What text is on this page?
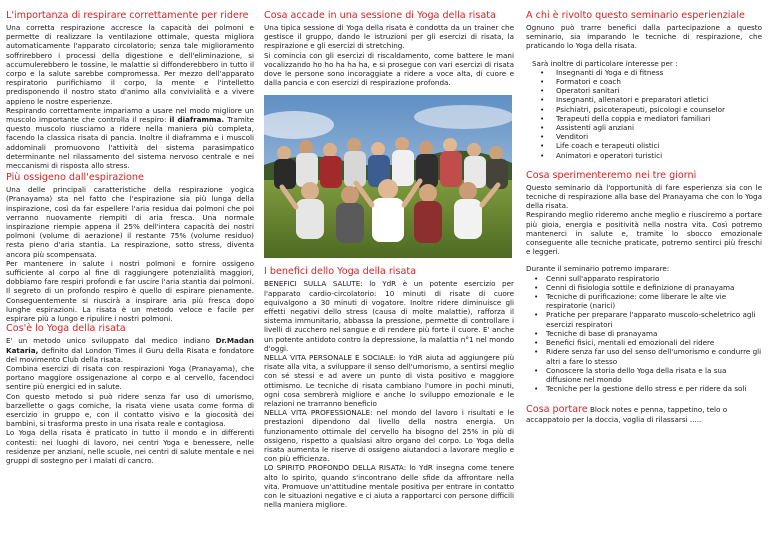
L'importanza di respirare correttamente per ridere

Una corretta respirazione accresce la capacità dei polmoni e permette di realizzare la ventilazione ottimale, questa migliora automaticamente l'apparato circolatorio; senza tale miglioramento soffrirebbero i processi della digestione e dell'eliminazione, si accumulerebbero le tossine, le malattie si diffonderebbero in tutto il corpo e la salute sarebbe compromessa. Per mezzo dell'apparato respiratorio purifichiamo il corpo, la mente e l'intelletto predisponendo il nostro stato d'animo alla convivialità e a vivere appieno le nostre esperienze.

Respirando correttamente impariamo a usare nel modo migliore un muscolo importante che controlla il respiro: il diaframma. Tramite questo muscolo riusciamo a ridere nella maniera più completa, facendo la classica risata di pancia. Inoltre il diaframma e i muscoli addominali promuovono l'attività del sistema parasimpatico determinante nel rilassamento del sistema nervoso centrale e nei meccanismi di risposta allo stress.

Più ossigeno dall'espirazione

Una delle principali caratteristiche della respirazione yogica (Pranayama) sta nel fatto che l'espirazione sia più lunga della inspirazione, così da far espellere l'aria residua dai polmoni che poi verranno nuovamente riempiti di aria fresca. Una normale inspirazione riempie appena il 25% dell'intera capacità dei nostri polmoni (volume di aerazione) il restante 75% (volume residuo) resta pieno d'aria stantia. La respirazione, sotto stress, diventa ancora più scompensata.

Per mantenere in salute i nostri polmoni e fornire ossigeno sufficiente al corpo al fine di raggiungere potenzialità maggiori, dobbiamo fare respiri profondi e far uscire l'aria stantia dai polmoni. Il segreto di un profondo respiro è quello di espirare pienamente. Conseguentemente si riuscirà a inspirare aria più fresca dopo lunghe espirazioni. La risata è un metodo veloce e facile per espirare più a lungo e ripulire i nostri polmoni.

Cos'è lo Yoga della risata

E' un metodo unico sviluppato dal medico indiano Dr.Madan Kataria, definito dal London Times il Guru della Risata e fondatore del movimento Club della risata.

Combina esercizi di risata con respirazioni Yoga (Pranayama), che portano maggiore ossigenazione al corpo e al cervello, facendoci sentire più energici ed in salute.

Con questo metodo si può ridere senza far uso di umorismo, barzellette o gags comiche, la risata viene usata come forma di esercizio in gruppo e, con il contatto visivo e la giocosità dei bambini, si trasforma presto in una risata reale e contagiosa.

Lo Yoga della risata è praticato in tutto il mondo e in differenti contesti: nei luoghi di lavoro, nei centri Yoga e benessere, nelle residenze per anziani, nelle scuole, nei centri di salute mentale e nei gruppi di sostegno per i malati di cancro.

Cosa accade in una sessione di Yoga della risata

Una tipica sessione di Yoga della risata è condotta da un trainer che gestisce il gruppo, dando le istruzioni per gli esercizi di risata, la respirazione e gli esercizi di stretching.

Si comincia con gli esercizi di riscaldamento, come battere le mani vocalizzando ho ho ha ha ha, e si prosegue con vari esercizi di risata dove le persone sono incoraggiate a ridere a voce alta, di cuore e dalla pancia e con esercizi di respirazione profonda.

I benefici dello Yoga della risata

BENEFICI SULLA SALUTE: lo YdR è un potente esercizio per l'apparato cardio-circolatorio: 10 minuti di risate di cuore equivalgono a 30 minuti di vogatore. Inoltre ridere diminuisce gli effetti negativi dello stress (causa di molte malattie), rafforza il sistema immunitario, abbassa la pressione, permette di controllare i livelli di zucchero nel sangue e di rendere più forte il cuore. E' anche un potente antidoto contro la depressione, la malattia n°1 nel mondo d'oggi.

NELLA VITA PERSONALE E SOCIALE: lo YdR aiuta ad aggiungere più risate alla vita, a sviluppare il senso dell'umorismo, a sentirsi meglio con sé stessi e ad avere un punto di vista positivo e maggiore ottimismo. Le tecniche di risata cambiano l'umore in pochi minuti, ogni cosa sembrerà migliore e anche lo sviluppo emozionale e le relazioni ne trarranno beneficio

NELLA VITA PROFESSIONALE: nel mondo del lavoro i risultati e le prestazioni dipendono dal livello della nostra energia. Un funzionamento ottimale del cervello ha bisogno del 25% in più di ossigeno, rispetto a qualsiasi altro organo del corpo. Lo Yoga della risata aumenta le riserve di ossigeno aiutandoci a lavorare meglio e con più efficienza.

LO SPIRITO PROFONDO DELLA RISATA: lo YdR insegna come tenere alto lo spirito, quando s'incontrano delle sfide da affrontare nella vita. Promuove un'attitudine mentale positiva per entrare in contatto con le situazioni negative e ci aiuta a rapportarci con persone difficili nella maniera migliore.

A chi è rivolto questo seminario esperienziale

Ognuno può trarre benefici dalla partecipazione a questo seminario, sia imparando le tecniche di respirazione, che praticando lo Yoga della risata.

Sarà inoltre di particolare interesse per :

• Insegnanti di Yoga e di fitness
• Formatori e coach
• Operatori sanitari
• Insegnanti, allenatori e preparatori atletici
• Psichiatri, psicoterapeuti, psicologi e counselor
• Terapeuti della coppia e mediatori familiari
• Assistenti agli anziani
• Venditori
• Life coach e terapeuti olistici
• Animatori e operatori turistici
Cosa sperimenteremo nei tre giorni

Questo seminario dà l'opportunità di fare esperienza sia con le tecniche di respirazione alla base del Pranayama che con lo Yoga della risata.

Respirando meglio rideremo anche meglio e riusciremo a portare più gioia, energia e positività nella nostra vita. Così potremo mantenerci in salute e, tramite lo sbocco emozionale conseguente alle tecniche praticate, potremo sentirci più freschi e leggeri.

Durante il seminario potremo imparare:

• Cenni sull'apparato respiratorio
• Cenni di fisiologia sottile e definizione di pranayama
• Tecniche di purificazione: come liberare le alte vie respiratorie (narici)
• Pratiche per preparare l'apparato muscolo-scheletrico agli esercizi respiratori
• Tecniche di base di pranayama
• Benefici fisici, mentali ed emozionali del ridere
• Ridere senza far uso del senso dell'umorismo e condurre gli altri a fare lo stesso
• Conoscere la storia dello Yoga della risata e la sua diffusione nel mondo
• Tecniche per la gestione dello stress e per ridere da soli

Cosa portare Block notes e penna, tappetino, telo o accappatoio per la doccia, voglia di rilassarsi .....
